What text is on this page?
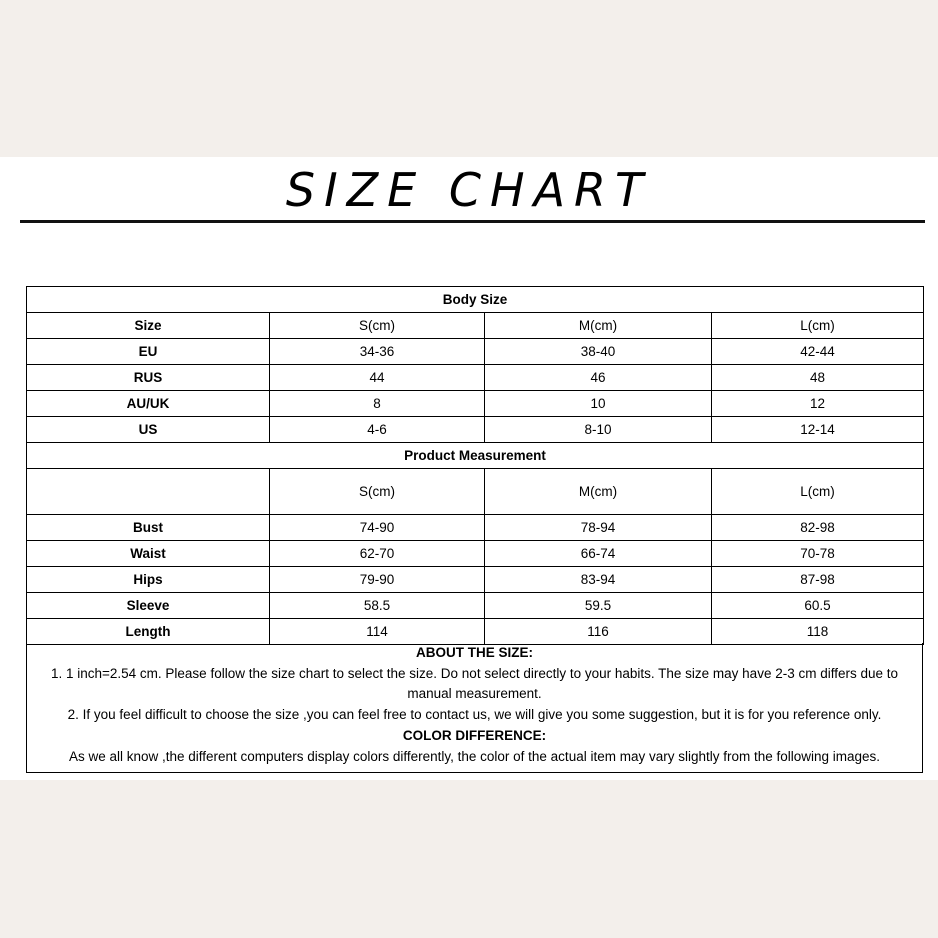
SIZE CHART
Body Size			
Size	S(cm)	M(cm)	L(cm)
EU	34-36	38-40	42-44
RUS	44	46	48
AU/UK	8	10	12
US	4-6	8-10	12-14
Product Measurement			
	S(cm)	M(cm)	L(cm)
Bust	74-90	78-94	82-98
Waist	62-70	66-74	70-78
Hips	79-90	83-94	87-98
Sleeve	58.5	59.5	60.5
Length	114	116	118
ABOUT THE SIZE:
1. 1 inch=2.54 cm. Please follow the size chart to select the size. Do not select directly to your habits. The size may have 2-3 cm differs due to manual measurement.
2. If you feel difficult to choose the size ,you can feel free to contact us, we will give you some suggestion, but it is for you reference only.
COLOR DIFFERENCE:
As we all know ,the different computers display colors differently, the color of the actual item may vary slightly from the following images.
